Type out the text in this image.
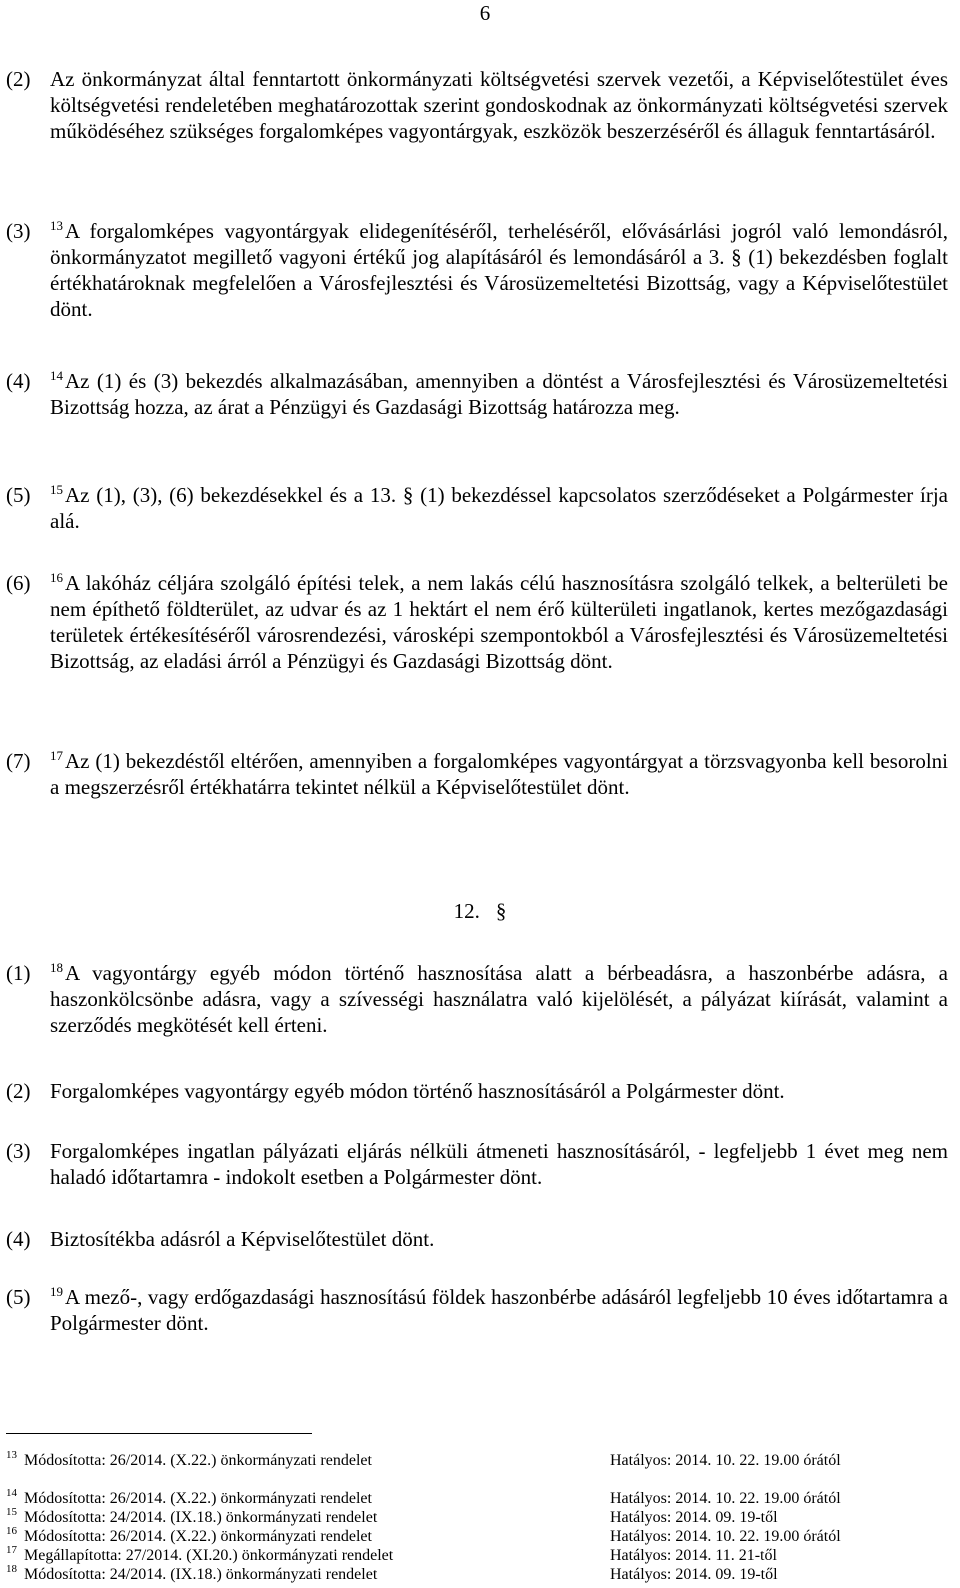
6
(2) Az önkormányzat által fenntartott önkormányzati költségvetési szervek vezetői, a Képviselőtestület éves költségvetési rendeletében meghatározottak szerint gondoskodnak az önkormányzati költségvetési szervek működéséhez szükséges forgalomképes vagyontárgyak, eszközök beszerzéséről és állaguk fenntartásáról.
(3) $^{13}$A forgalomképes vagyontárgyak elidegenítéséről, terheléséről, elővásárlási jogról való lemondásról, önkormányzatot megillető vagyoni értékű jog alapításáról és lemondásáról a 3. § (1) bekezdésben foglalt értékhatároknak megfelelően a Városfejlesztési és Városüzemeltetési Bizottság, vagy a Képviselőtestület dönt.
(4) $^{14}$Az (1) és (3) bekezdés alkalmazásában, amennyiben a döntést a Városfejlesztési és Városüzemeltetési Bizottság hozza, az árat a Pénzügyi és Gazdasági Bizottság határozza meg.
(5) $^{15}$Az (1), (3), (6) bekezdésekkel és a 13. § (1) bekezdéssel kapcsolatos szerződéseket a Polgármester írja alá.
(6) $^{16}$A lakóház céljára szolgáló építési telek, a nem lakás célú hasznosításra szolgáló telkek, a belterületi be nem építhető földterület, az udvar és az 1 hektárt el nem érő külterületi ingatlanok, kertes mezőgazdasági területek értékesítéséről városrendezési, városképi szempontokból a Városfejlesztési és Városüzemeltetési Bizottság, az eladási árról a Pénzügyi és Gazdasági Bizottság dönt.
(7) $^{17}$Az (1) bekezdéstől eltérően, amennyiben a forgalomképes vagyontárgyat a törzsvagyonba kell besorolni a megszerzésről értékhatárra tekintet nélkül a Képviselőtestület dönt.
12. §
(1) $^{18}$A vagyontárgy egyéb módon történő hasznosítása alatt a bérbeadásra, a haszonbérbe adásra, a haszonkölcsönbe adásra, vagy a szívességi használatra való kijelölését, a pályázat kiírását, valamint a szerződés megkötését kell érteni.
(2) Forgalomképes vagyontárgy egyéb módon történő hasznosításáról a Polgármester dönt.
(3) Forgalomképes ingatlan pályázati eljárás nélküli átmeneti hasznosításáról, - legfeljebb 1 évet meg nem haladó időtartamra - indokolt esetben a Polgármester dönt.
(4) Biztosítékba adásról a Képviselőtestület dönt.
(5) $^{19}$A mező-, vagy erdőgazdasági hasznosítású földek haszonbérbe adásáról legfeljebb 10 éves időtartamra a Polgármester dönt.
$^{13}$ Módosította: 26/2014. (X.22.) önkormányzati rendelet	Hatályos: 2014. 10. 22. 19.00 órától
$^{14}$ Módosította: 26/2014. (X.22.) önkormányzati rendelet	Hatályos: 2014. 10. 22. 19.00 órától
$^{15}$ Módosította: 24/2014. (IX.18.) önkormányzati rendelet	Hatályos: 2014. 09. 19-től
$^{16}$ Módosította: 26/2014. (X.22.) önkormányzati rendelet	Hatályos: 2014. 10. 22. 19.00 órától
$^{17}$ Megállapította: 27/2014. (XI.20.) önkormányzati rendelet	Hatályos: 2014. 11. 21-től
$^{18}$ Módosította: 24/2014. (IX.18.) önkormányzati rendelet	Hatályos: 2014. 09. 19-től
